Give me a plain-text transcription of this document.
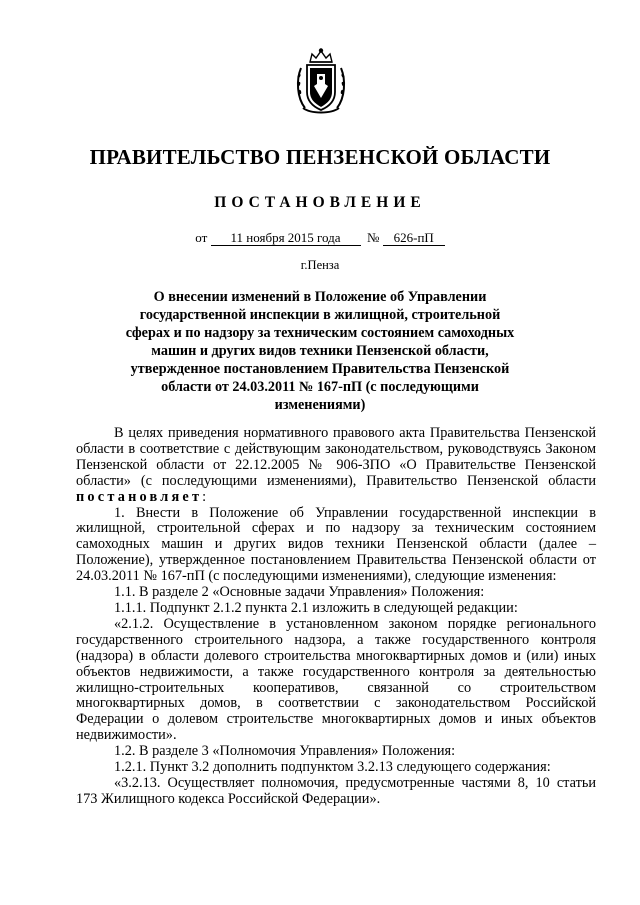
ПРАВИТЕЛЬСТВО ПЕНЗЕНСКОЙ ОБЛАСТИ
ПОСТАНОВЛЕНИЕ
от 11 ноября 2015 года № 626-пП
г.Пенза
О внесении изменений в Положение об Управлении государственной инспекции в жилищной, строительной сферах и по надзору за техническим состоянием самоходных машин и других видов техники Пензенской области, утвержденное постановлением Правительства Пензенской области от 24.03.2011 № 167-пП (с последующими изменениями)

В целях приведения нормативного правового акта Правительства Пензенской области в соответствие с действующим законодательством, руководствуясь Законом Пензенской области от 22.12.2005 № 906-ЗПО «О Правительстве Пензенской области» (с последующими изменениями), Правительство Пензенской области постановляет:

1. Внести в Положение об Управлении государственной инспекции в жилищной, строительной сферах и по надзору за техническим состоянием самоходных машин и других видов техники Пензенской области (далее – Положение), утвержденное постановлением Правительства Пензенской области от 24.03.2011 № 167-пП (с последующими изменениями), следующие изменения:

1.1. В разделе 2 «Основные задачи Управления» Положения:

1.1.1. Подпункт 2.1.2 пункта 2.1 изложить в следующей редакции:

«2.1.2. Осуществление в установленном законом порядке регионального государственного строительного надзора, а также государственного контроля (надзора) в области долевого строительства многоквартирных домов и (или) иных объектов недвижимости, а также государственного контроля за деятельностью жилищно-строительных кооперативов, связанной со строительством многоквартирных домов, в соответствии с законодательством Российской Федерации о долевом строительстве многоквартирных домов и иных объектов недвижимости».

1.2. В разделе 3 «Полномочия Управления» Положения:

1.2.1. Пункт 3.2 дополнить подпунктом 3.2.13 следующего содержания:

«3.2.13. Осуществляет полномочия, предусмотренные частями 8, 10 статьи 173 Жилищного кодекса Российской Федерации».
